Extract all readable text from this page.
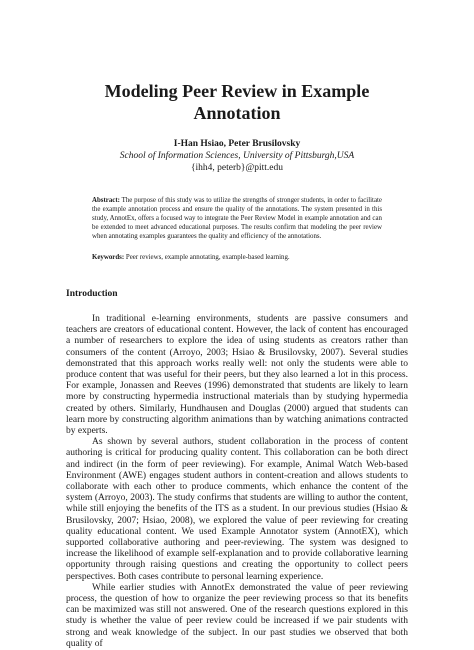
Modeling Peer Review in Example Annotation
I-Han Hsiao, Peter Brusilovsky
School of Information Sciences, University of Pittsburgh,USA
{ihh4, peterb}@pitt.edu
Abstract: The purpose of this study was to utilize the strengths of stronger students, in order to facilitate the example annotation process and ensure the quality of the annotations. The system presented in this study, AnnotEx, offers a focused way to integrate the Peer Review Model in example annotation and can be extended to meet advanced educational purposes. The results confirm that modeling the peer review when annotating examples guarantees the quality and efficiency of the annotations.
Keywords: Peer reviews, example annotating, example-based learning.
Introduction

In traditional e-learning environments, students are passive consumers and teachers are creators of educational content. However, the lack of content has encouraged a number of researchers to explore the idea of using students as creators rather than consumers of the content (Arroyo, 2003; Hsiao & Brusilovsky, 2007). Several studies demonstrated that this approach works really well: not only the students were able to produce content that was useful for their peers, but they also learned a lot in this process. For example, Jonassen and Reeves (1996) demonstrated that students are likely to learn more by constructing hypermedia instructional materials than by studying hypermedia created by others. Similarly, Hundhausen and Douglas (2000) argued that students can learn more by constructing algorithm animations than by watching animations contracted by experts.

As shown by several authors, student collaboration in the process of content authoring is critical for producing quality content. This collaboration can be both direct and indirect (in the form of peer reviewing). For example, Animal Watch Web-based Environment (AWE) engages student authors in content-creation and allows students to collaborate with each other to produce comments, which enhance the content of the system (Arroyo, 2003). The study confirms that students are willing to author the content, while still enjoying the benefits of the ITS as a student. In our previous studies (Hsiao & Brusilovsky, 2007; Hsiao, 2008), we explored the value of peer reviewing for creating quality educational content. We used Example Annotator system (AnnotEX), which supported collaborative authoring and peer-reviewing. The system was designed to increase the likelihood of example self-explanation and to provide collaborative learning opportunity through raising questions and creating the opportunity to collect peers perspectives. Both cases contribute to personal learning experience.

While earlier studies with AnnotEx demonstrated the value of peer reviewing process, the question of how to organize the peer reviewing process so that its benefits can be maximized was still not answered. One of the research questions explored in this study is whether the value of peer review could be increased if we pair students with strong and weak knowledge of the subject. In our past studies we observed that both quality of
